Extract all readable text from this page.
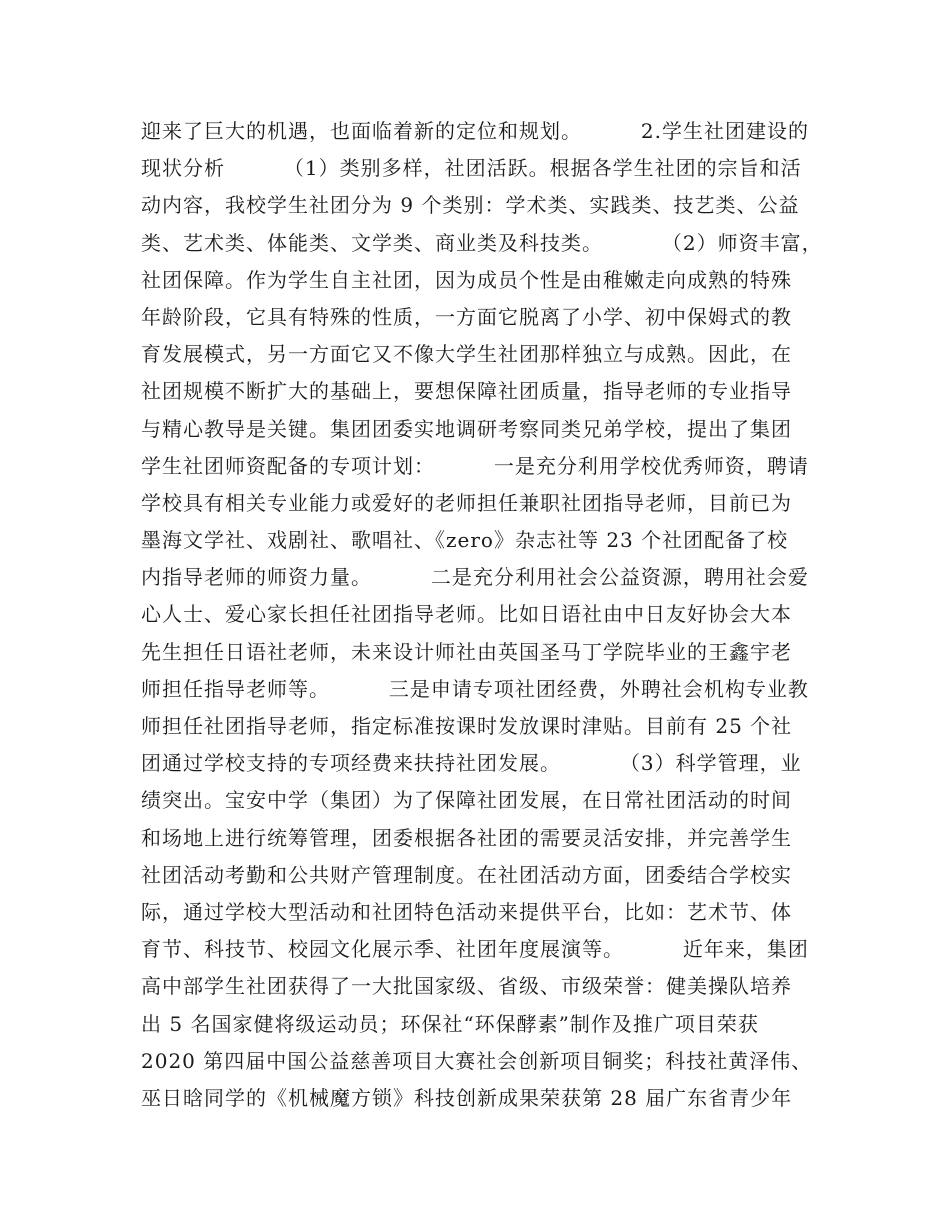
迎来了巨大的机遇，也面临着新的定位和规划。        2.学生社团建设的
现状分析        （1）类别多样，社团活跃。根据各学生社团的宗旨和活
动内容，我校学生社团分为 9 个类别：学术类、实践类、技艺类、公益
类、艺术类、体能类、文学类、商业类及科技类。        （2）师资丰富，
社团保障。作为学生自主社团，因为成员个性是由稚嫩走向成熟的特殊
年龄阶段，它具有特殊的性质，一方面它脱离了小学、初中保姆式的教
育发展模式，另一方面它又不像大学生社团那样独立与成熟。因此，在
社团规模不断扩大的基础上，要想保障社团质量，指导老师的专业指导
与精心教导是关键。集团团委实地调研考察同类兄弟学校，提出了集团
学生社团师资配备的专项计划：        一是充分利用学校优秀师资，聘请
学校具有相关专业能力或爱好的老师担任兼职社团指导老师，目前已为
墨海文学社、戏剧社、歌唱社、《zero》杂志社等 23 个社团配备了校
内指导老师的师资力量。        二是充分利用社会公益资源，聘用社会爱
心人士、爱心家长担任社团指导老师。比如日语社由中日友好协会大本
先生担任日语社老师，未来设计师社由英国圣马丁学院毕业的王鑫宇老
师担任指导老师等。        三是申请专项社团经费，外聘社会机构专业教
师担任社团指导老师，指定标准按课时发放课时津贴。目前有 25 个社
团通过学校支持的专项经费来扶持社团发展。        （3）科学管理，业
绩突出。宝安中学（集团）为了保障社团发展，在日常社团活动的时间
和场地上进行统筹管理，团委根据各社团的需要灵活安排，并完善学生
社团活动考勤和公共财产管理制度。在社团活动方面，团委结合学校实
际，通过学校大型活动和社团特色活动来提供平台，比如：艺术节、体
育节、科技节、校园文化展示季、社团年度展演等。        近年来，集团
高中部学生社团获得了一大批国家级、省级、市级荣誉：健美操队培养
出 5 名国家健将级运动员；环保社“环保酵素”制作及推广项目荣获
2020 第四届中国公益慈善项目大赛社会创新项目铜奖；科技社黄泽伟、
巫日晗同学的《机械魔方锁》科技创新成果荣获第 28 届广东省青少年
